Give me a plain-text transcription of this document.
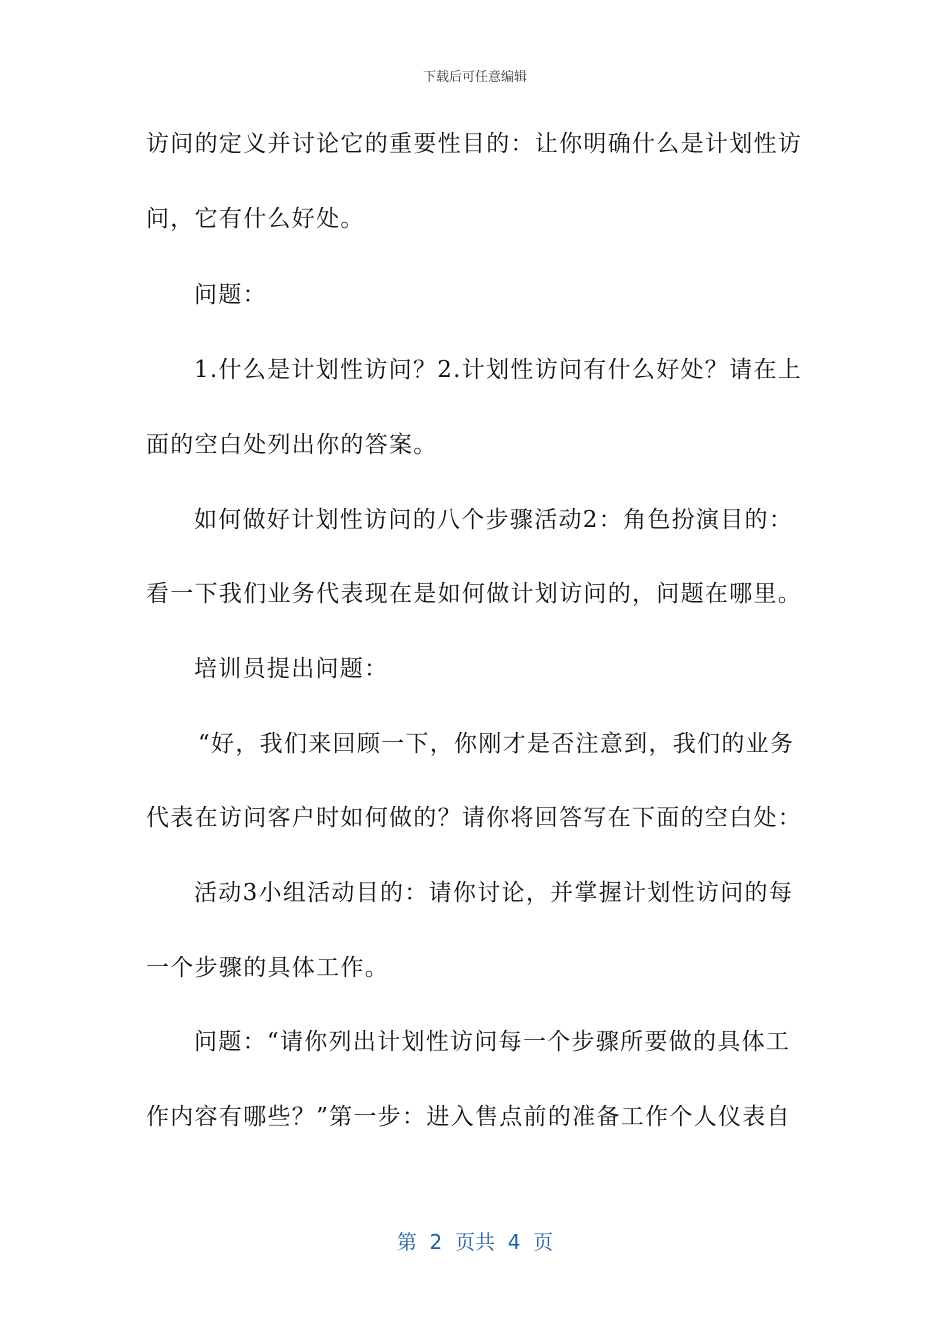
下载后可任意编辑
访问的定义并讨论它的重要性目的：让你明确什么是计划性访
问，它有什么好处。
问题：
1.什么是计划性访问？2.计划性访问有什么好处？请在上
面的空白处列出你的答案。
如何做好计划性访问的八个步骤活动2：角色扮演目的：
看一下我们业务代表现在是如何做计划访问的，问题在哪里。
培训员提出问题：
“好，我们来回顾一下，你刚才是否注意到，我们的业务
代表在访问客户时如何做的？请你将回答写在下面的空白处：
活动3小组活动目的：请你讨论，并掌握计划性访问的每
一个步骤的具体工作。
问题：“请你列出计划性访问每一个步骤所要做的具体工
作内容有哪些？”第一步：进入售点前的准备工作个人仪表自
第  2  页共  4  页
